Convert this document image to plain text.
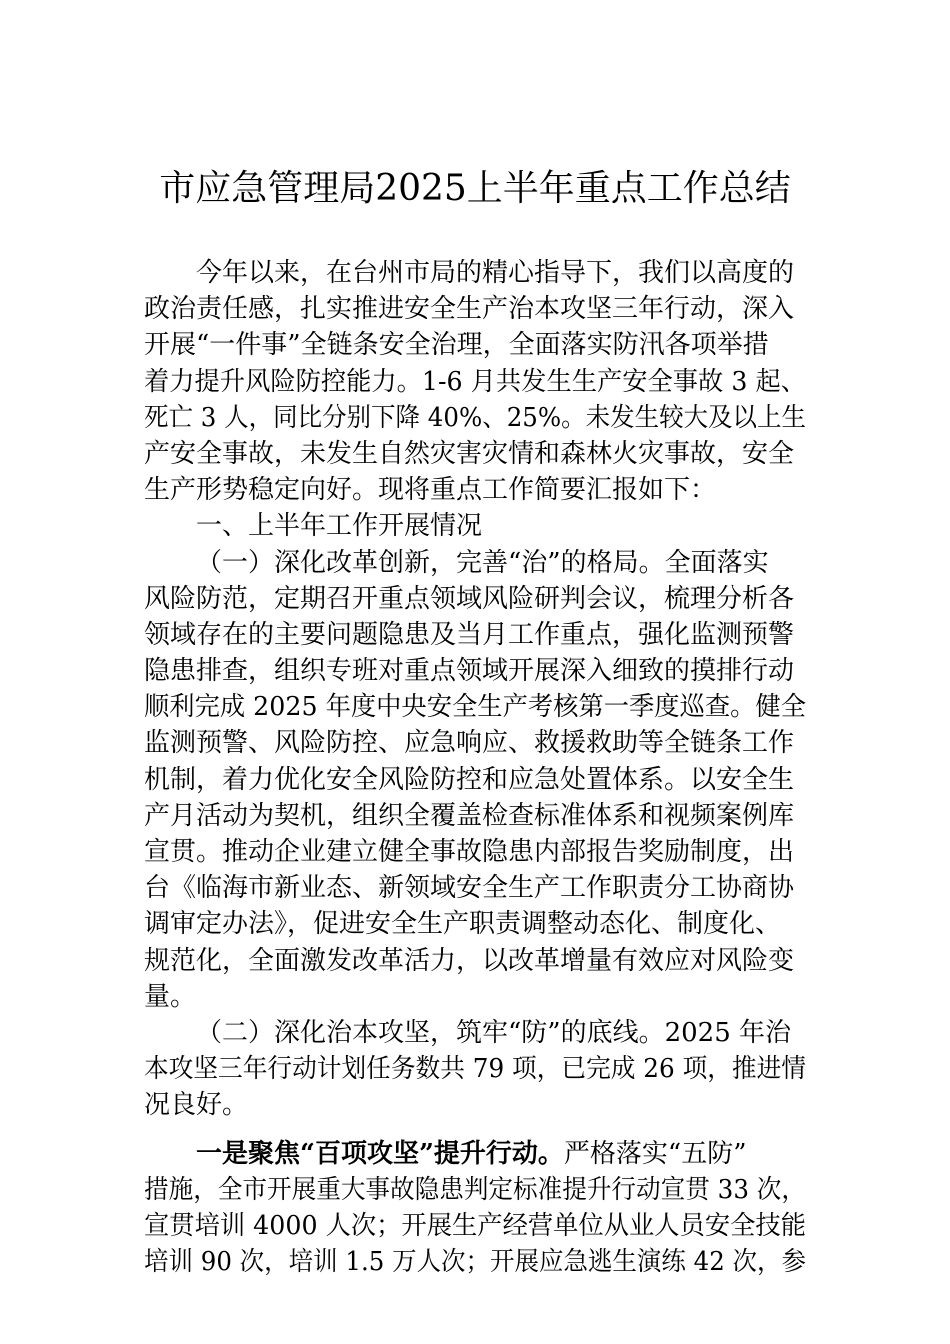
市应急管理局2025上半年重点工作总结
今年以来，在台州市局的精心指导下，我们以高度的
政治责任感，扎实推进安全生产治本攻坚三年行动，深入
开展“一件事”全链条安全治理，全面落实防汛各项举措
着力提升风险防控能力。1-6 月共发生生产安全事故 3 起、
死亡 3 人，同比分别下降 40%、25%。未发生较大及以上生
产安全事故，未发生自然灾害灾情和森林火灾事故，安全
生产形势稳定向好。现将重点工作简要汇报如下：
一、上半年工作开展情况
（一）深化改革创新，完善“治”的格局。全面落实
风险防范，定期召开重点领域风险研判会议，梳理分析各
领域存在的主要问题隐患及当月工作重点，强化监测预警
隐患排查，组织专班对重点领域开展深入细致的摸排行动
顺利完成 2025 年度中央安全生产考核第一季度巡查。健全
监测预警、风险防控、应急响应、救援救助等全链条工作
机制，着力优化安全风险防控和应急处置体系。以安全生
产月活动为契机，组织全覆盖检查标准体系和视频案例库
宣贯。推动企业建立健全事故隐患内部报告奖励制度，出
台《临海市新业态、新领域安全生产工作职责分工协商协
调审定办法》，促进安全生产职责调整动态化、制度化、
规范化，全面激发改革活力，以改革增量有效应对风险变
量。
（二）深化治本攻坚，筑牢“防”的底线。2025 年治
本攻坚三年行动计划任务数共 79 项，已完成 26 项，推进情
况良好。
一是聚焦“百项攻坚”提升行动。严格落实“五防”
措施，全市开展重大事故隐患判定标准提升行动宣贯 33 次，
宣贯培训 4000 人次；开展生产经营单位从业人员安全技能
培训 90 次，培训 1.5 万人次；开展应急逃生演练 42 次，参
